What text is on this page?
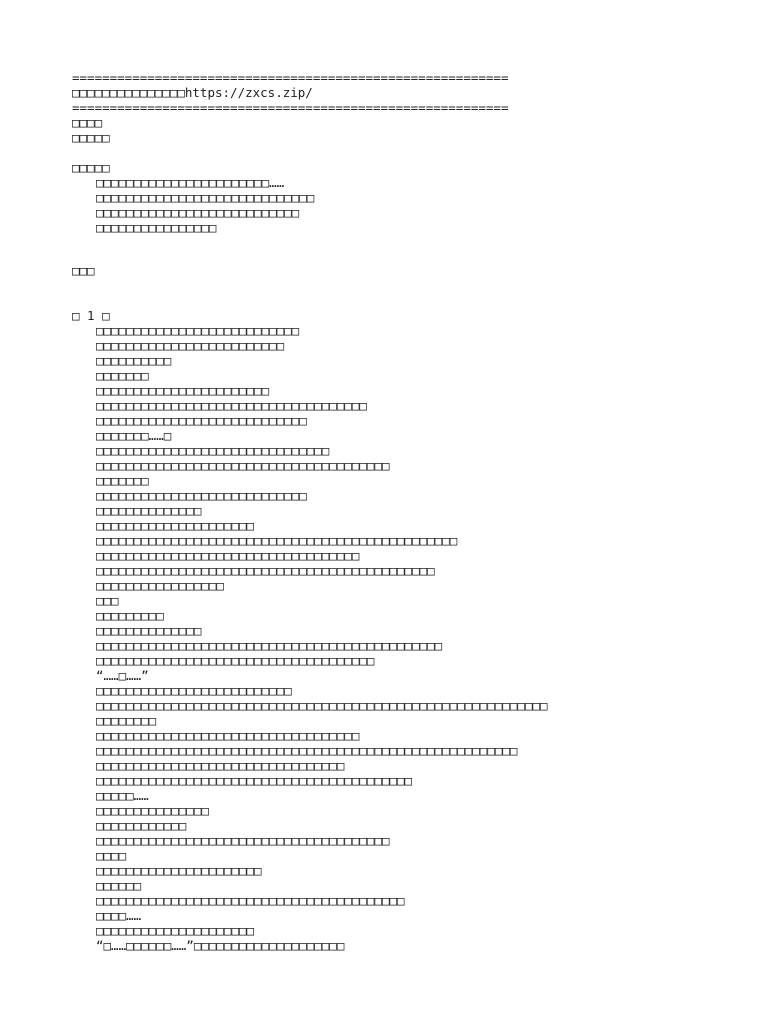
==========================================================
□□□□□□□□□□□□□□□https://zxcs.zip/
==========================================================
□□□□
□□□□□
□□□□□
□□□□□□□□□□□□□□□□□□□□□□□……
□□□□□□□□□□□□□□□□□□□□□□□□□□□□□
□□□□□□□□□□□□□□□□□□□□□□□□□□□
□□□□□□□□□□□□□□□□
□□□
□ 1 □
□□□□□□□□□□□□□□□□□□□□□□□□□□□
□□□□□□□□□□□□□□□□□□□□□□□□□
□□□□□□□□□□
□□□□□□□
□□□□□□□□□□□□□□□□□□□□□□□
□□□□□□□□□□□□□□□□□□□□□□□□□□□□□□□□□□□□
□□□□□□□□□□□□□□□□□□□□□□□□□□□□
□□□□□□□……□
□□□□□□□□□□□□□□□□□□□□□□□□□□□□□□□
□□□□□□□□□□□□□□□□□□□□□□□□□□□□□□□□□□□□□□□
□□□□□□□
□□□□□□□□□□□□□□□□□□□□□□□□□□□□
□□□□□□□□□□□□□□
□□□□□□□□□□□□□□□□□□□□□
□□□□□□□□□□□□□□□□□□□□□□□□□□□□□□□□□□□□□□□□□□□□□□□□
□□□□□□□□□□□□□□□□□□□□□□□□□□□□□□□□□□□
□□□□□□□□□□□□□□□□□□□□□□□□□□□□□□□□□□□□□□□□□□□□□
□□□□□□□□□□□□□□□□□
□□□
□□□□□□□□□
□□□□□□□□□□□□□□
□□□□□□□□□□□□□□□□□□□□□□□□□□□□□□□□□□□□□□□□□□□□□□
□□□□□□□□□□□□□□□□□□□□□□□□□□□□□□□□□□□□□
“……□……”
□□□□□□□□□□□□□□□□□□□□□□□□□□
□□□□□□□□□□□□□□□□□□□□□□□□□□□□□□□□□□□□□□□□□□□□□□□□□□□□□□□□□□□□
□□□□□□□□
□□□□□□□□□□□□□□□□□□□□□□□□□□□□□□□□□□□
□□□□□□□□□□□□□□□□□□□□□□□□□□□□□□□□□□□□□□□□□□□□□□□□□□□□□□□□
□□□□□□□□□□□□□□□□□□□□□□□□□□□□□□□□□
□□□□□□□□□□□□□□□□□□□□□□□□□□□□□□□□□□□□□□□□□□
□□□□□……
□□□□□□□□□□□□□□□
□□□□□□□□□□□□
□□□□□□□□□□□□□□□□□□□□□□□□□□□□□□□□□□□□□□□
□□□□
□□□□□□□□□□□□□□□□□□□□□□
□□□□□□
□□□□□□□□□□□□□□□□□□□□□□□□□□□□□□□□□□□□□□□□□
□□□□……
□□□□□□□□□□□□□□□□□□□□□
“□……□□□□□□……”□□□□□□□□□□□□□□□□□□□□
